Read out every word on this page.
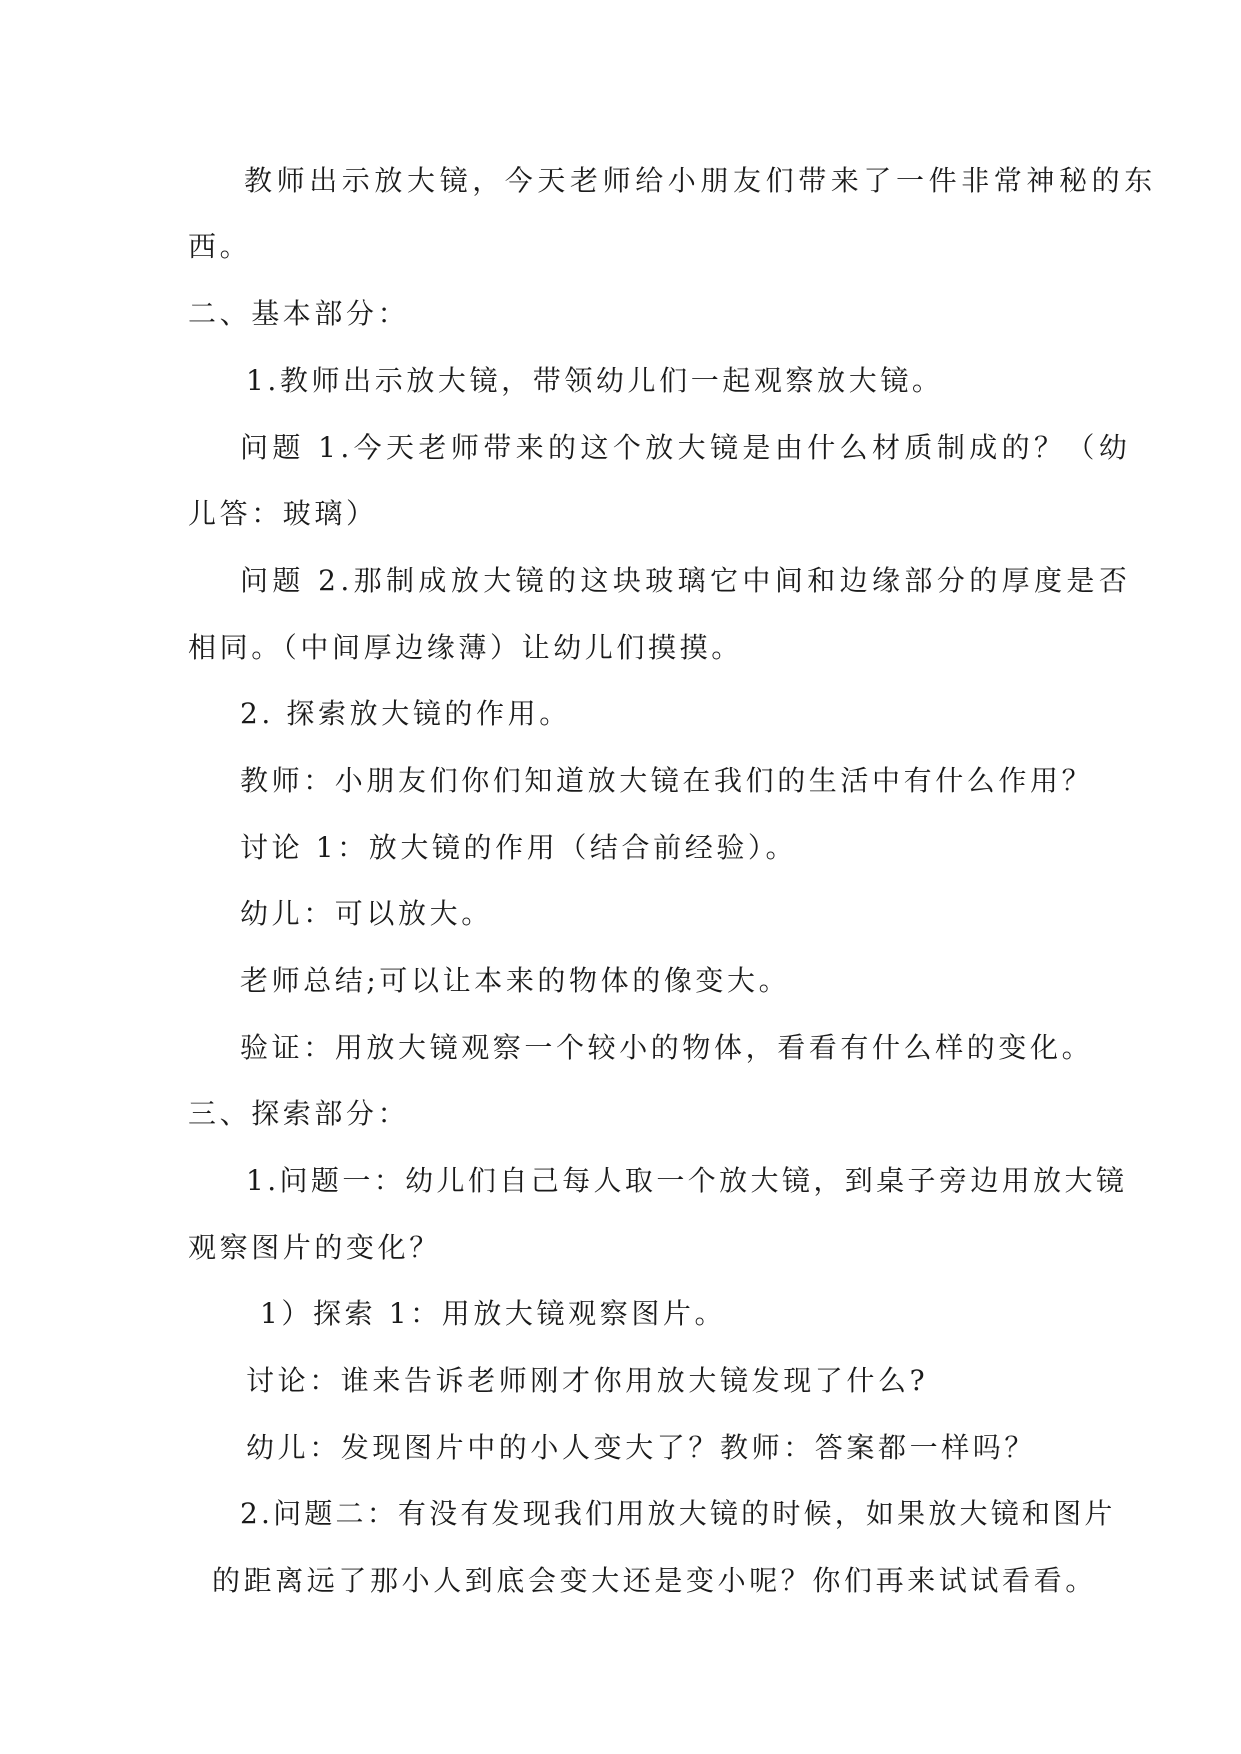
教师出示放大镜，今天老师给小朋友们带来了一件非常神秘的东
西。
二、基本部分：
1.教师出示放大镜，带领幼儿们一起观察放大镜。
问题 1.今天老师带来的这个放大镜是由什么材质制成的？（幼
儿答：玻璃）
问题 2.那制成放大镜的这块玻璃它中间和边缘部分的厚度是否
相同。（中间厚边缘薄）让幼儿们摸摸。
2. 探索放大镜的作用。
教师：小朋友们你们知道放大镜在我们的生活中有什么作用？
讨论 1：放大镜的作用（结合前经验）。
幼儿：可以放大。
老师总结;可以让本来的物体的像变大。
验证：用放大镜观察一个较小的物体，看看有什么样的变化。
三、探索部分：
1.问题一：幼儿们自己每人取一个放大镜，到桌子旁边用放大镜
观察图片的变化？
1）探索 1：用放大镜观察图片。
讨论：谁来告诉老师刚才你用放大镜发现了什么?
幼儿：发现图片中的小人变大了？教师：答案都一样吗？
2.问题二：有没有发现我们用放大镜的时候，如果放大镜和图片
的距离远了那小人到底会变大还是变小呢？你们再来试试看看。
